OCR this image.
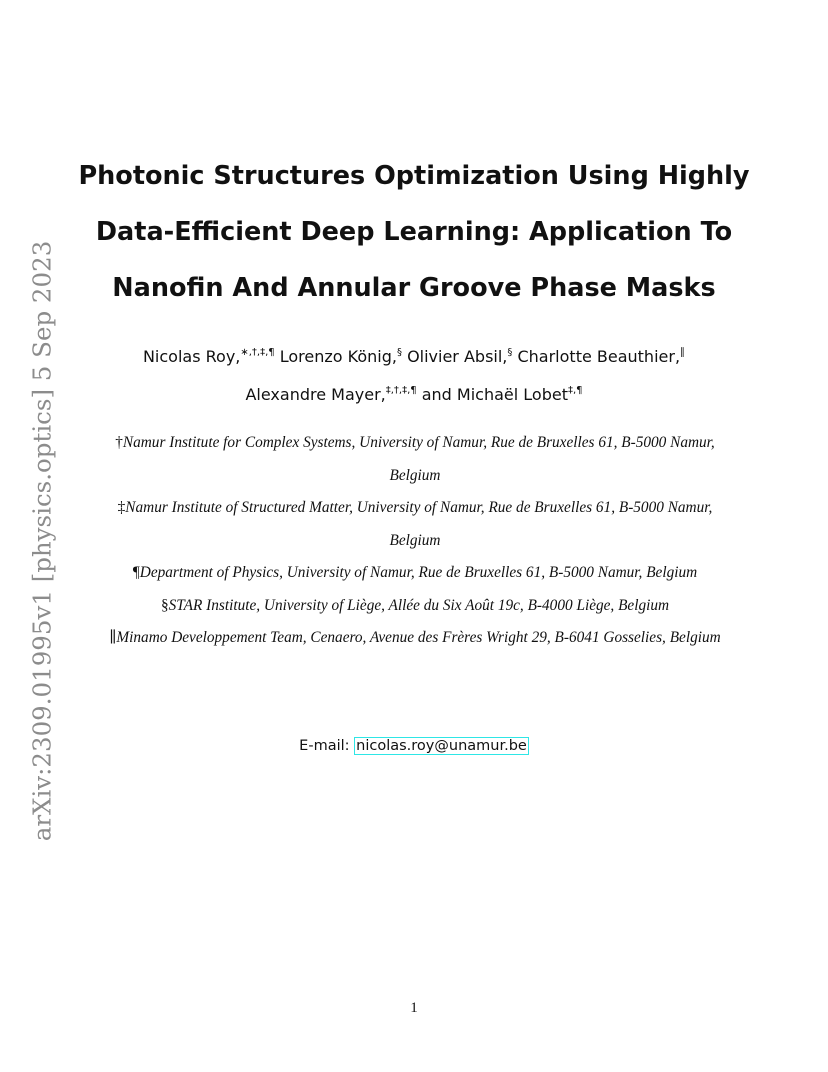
arXiv:2309.01995v1 [physics.optics] 5 Sep 2023
Photonic Structures Optimization Using Highly
Data-Efficient Deep Learning: Application To
Nanofin And Annular Groove Phase Masks
Nicolas Roy,∗,†,‡,¶ Lorenzo König,§ Olivier Absil,§ Charlotte Beauthier,∥
Alexandre Mayer,‡,†,‡,¶ and Michaël Lobet‡,¶
†Namur Institute for Complex Systems, University of Namur, Rue de Bruxelles 61, B-5000 Namur, Belgium
‡Namur Institute of Structured Matter, University of Namur, Rue de Bruxelles 61, B-5000 Namur, Belgium
¶Department of Physics, University of Namur, Rue de Bruxelles 61, B-5000 Namur, Belgium
§STAR Institute, University of Liège, Allée du Six Août 19c, B-4000 Liège, Belgium
∥Minamo Developpement Team, Cenaero, Avenue des Frères Wright 29, B-6041 Gosselies, Belgium
E-mail: nicolas.roy@unamur.be
1
